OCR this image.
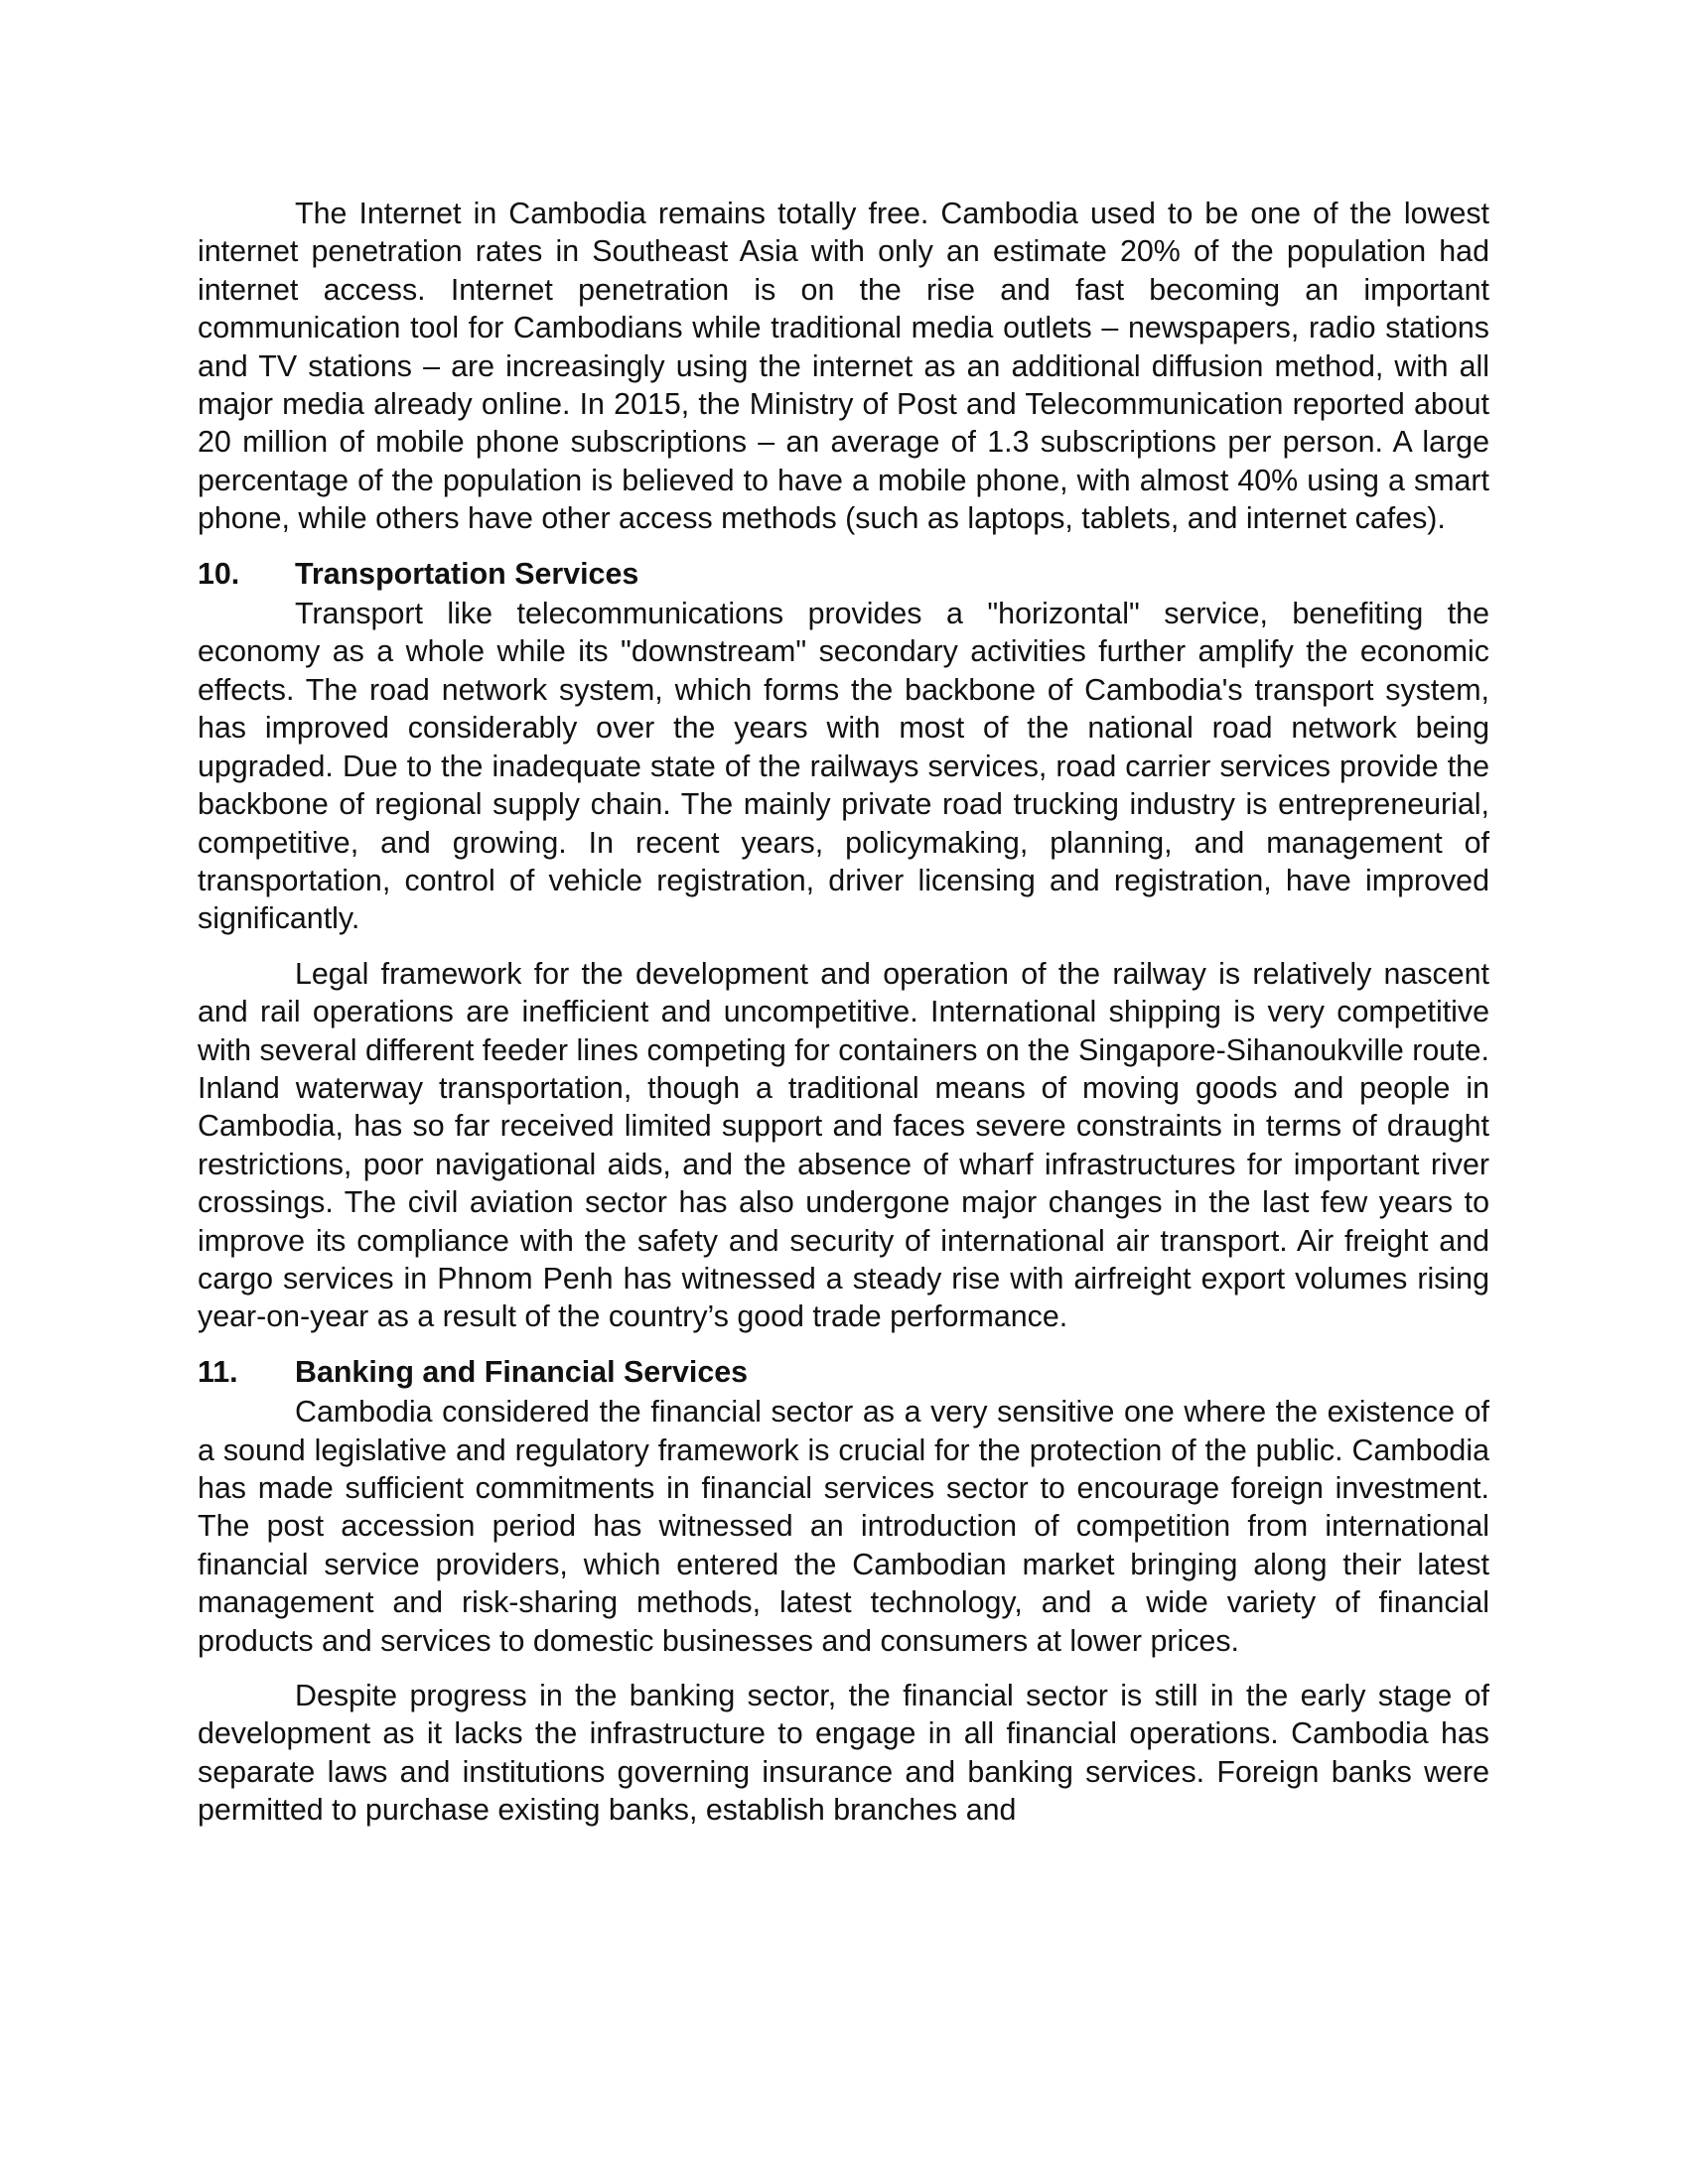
The Internet in Cambodia remains totally free. Cambodia used to be one of the lowest internet penetration rates in Southeast Asia with only an estimate 20% of the population had internet access. Internet penetration is on the rise and fast becoming an important communication tool for Cambodians while traditional media outlets – newspapers, radio stations and TV stations – are increasingly using the internet as an additional diffusion method, with all major media already online. In 2015, the Ministry of Post and Telecommunication reported about 20 million of mobile phone subscriptions – an average of 1.3 subscriptions per person. A large percentage of the population is believed to have a mobile phone, with almost 40% using a smart phone, while others have other access methods (such as laptops, tablets, and internet cafes).

10.	Transportation Services

Transport like telecommunications provides a "horizontal" service, benefiting the economy as a whole while its "downstream" secondary activities further amplify the economic effects. The road network system, which forms the backbone of Cambodia's transport system, has improved considerably over the years with most of the national road network being upgraded. Due to the inadequate state of the railways services, road carrier services provide the backbone of regional supply chain. The mainly private road trucking industry is entrepreneurial, competitive, and growing. In recent years, policymaking, planning, and management of transportation, control of vehicle registration, driver licensing and registration, have improved significantly.

Legal framework for the development and operation of the railway is relatively nascent and rail operations are inefficient and uncompetitive. International shipping is very competitive with several different feeder lines competing for containers on the Singapore-Sihanoukville route. Inland waterway transportation, though a traditional means of moving goods and people in Cambodia, has so far received limited support and faces severe constraints in terms of draught restrictions, poor navigational aids, and the absence of wharf infrastructures for important river crossings. The civil aviation sector has also undergone major changes in the last few years to improve its compliance with the safety and security of international air transport. Air freight and cargo services in Phnom Penh has witnessed a steady rise with airfreight export volumes rising year-on-year as a result of the country’s good trade performance.

11.	Banking and Financial Services

Cambodia considered the financial sector as a very sensitive one where the existence of a sound legislative and regulatory framework is crucial for the protection of the public. Cambodia has made sufficient commitments in financial services sector to encourage foreign investment. The post accession period has witnessed an introduction of competition from international financial service providers, which entered the Cambodian market bringing along their latest management and risk-sharing methods, latest technology, and a wide variety of financial products and services to domestic businesses and consumers at lower prices.

Despite progress in the banking sector, the financial sector is still in the early stage of development as it lacks the infrastructure to engage in all financial operations. Cambodia has separate laws and institutions governing insurance and banking services. Foreign banks were permitted to purchase existing banks, establish branches and
